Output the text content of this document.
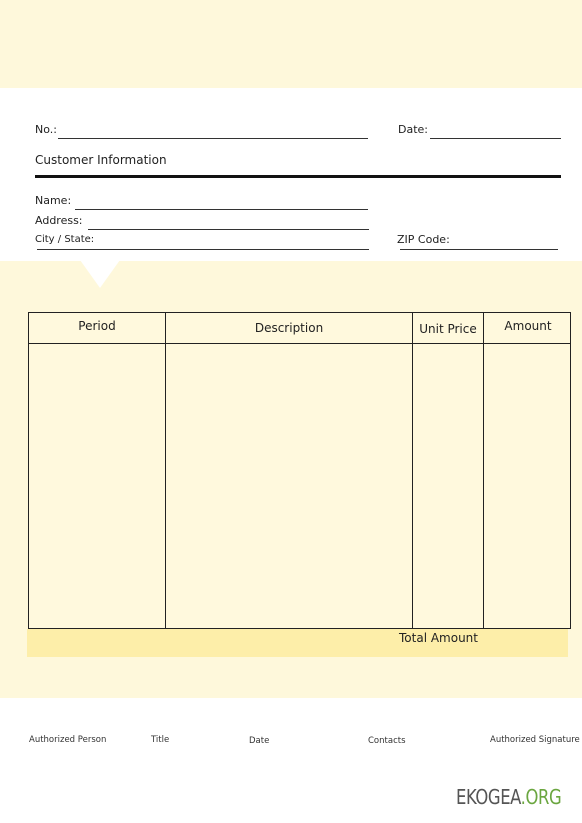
No.:	Date:
Customer Information
Name:
Address:
City / State:	ZIP Code:
Period	Description	Unit Price	Amount
Total Amount
Authorized Person	Title	Date	Contacts	Authorized Signature
EKOGEA.ORG
